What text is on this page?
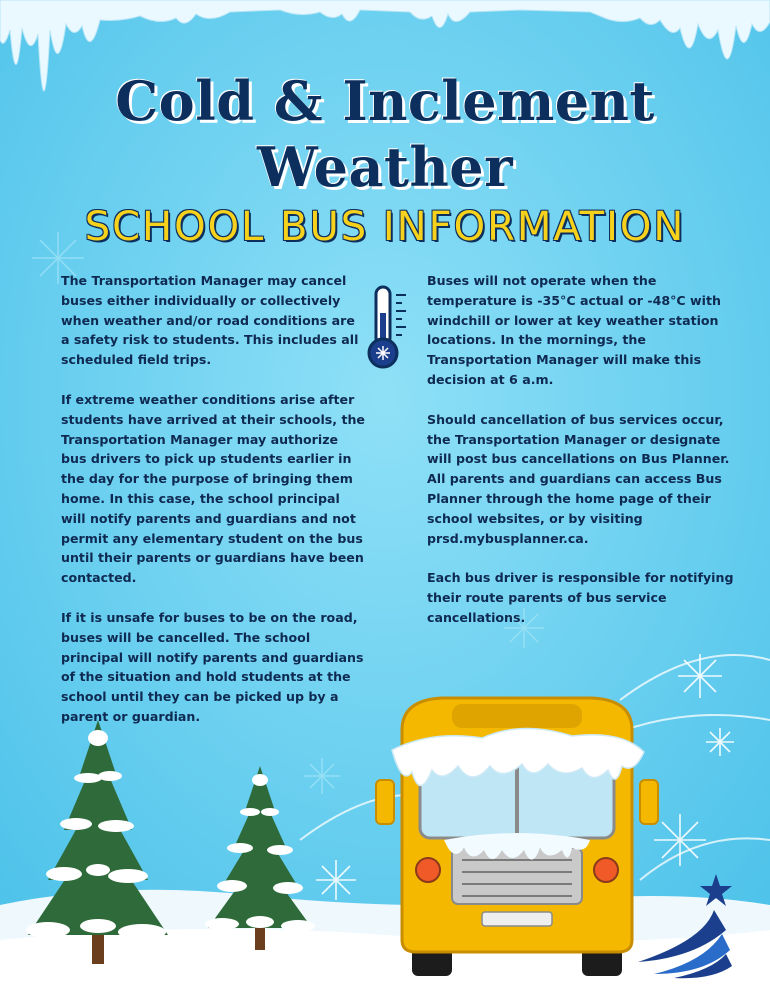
Cold & Inclement
Weather
SCHOOL BUS INFORMATION

The Transportation Manager may cancel buses either individually or collectively when weather and/or road conditions are a safety risk to students. This includes all scheduled field trips.

If extreme weather conditions arise after students have arrived at their schools, the Transportation Manager may authorize bus drivers to pick up students earlier in the day for the purpose of bringing them home. In this case, the school principal will notify parents and guardians and not permit any elementary student on the bus until their parents or guardians have been contacted.

If it is unsafe for buses to be on the road, buses will be cancelled. The school principal will notify parents and guardians of the situation and hold students at the school until they can be picked up by a parent or guardian.

Buses will not operate when the temperature is -35°C actual or -48°C with windchill or lower at key weather station locations. In the mornings, the Transportation Manager will make this decision at 6 a.m.

Should cancellation of bus services occur, the Transportation Manager or designate will post bus cancellations on Bus Planner. All parents and guardians can access Bus Planner through the home page of their school websites, or by visiting prsd.mybusplanner.ca.

Each bus driver is responsible for notifying their route parents of bus service cancellations.
